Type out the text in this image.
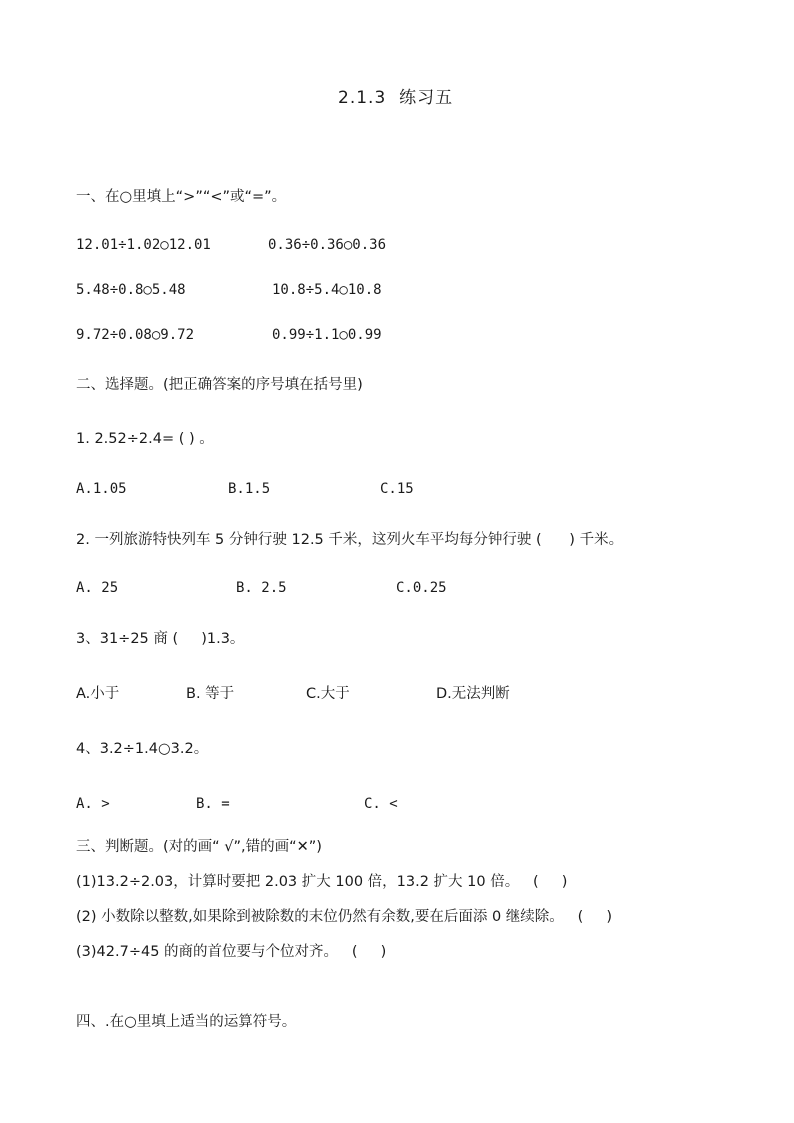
2.1.3  练习五
一、在○里填上“>”“<”或“=”。
12.01÷1.02○12.01	0.36÷0.36○0.36
5.48÷0.8○5.48	10.8÷5.4○10.8
9.72÷0.08○9.72	0.99÷1.1○0.99
二、选择题。(把正确答案的序号填在括号里)
1. 2.52÷2.4= ( ) 。
A.1.05	B.1.5	C.15
2. 一列旅游特快列车 5 分钟行驶 12.5 千米，这列火车平均每分钟行驶 (      ) 千米。
A. 25	B. 2.5	C.0.25
3、31÷25 商 (     )1.3。
A.小于	B. 等于	C.大于	D.无法判断
4、3.2÷1.4○3.2。
A. >	B. =	C. <
三、判断题。(对的画“ √”,错的画“✕”)
(1)13.2÷2.03，计算时要把 2.03 扩大 100 倍，13.2 扩大 10 倍。   (     )
(2) 小数除以整数,如果除到被除数的末位仍然有余数,要在后面添 0 继续除。   (     )
(3)42.7÷45 的商的首位要与个位对齐。   (     )
四、.在○里填上适当的运算符号。
